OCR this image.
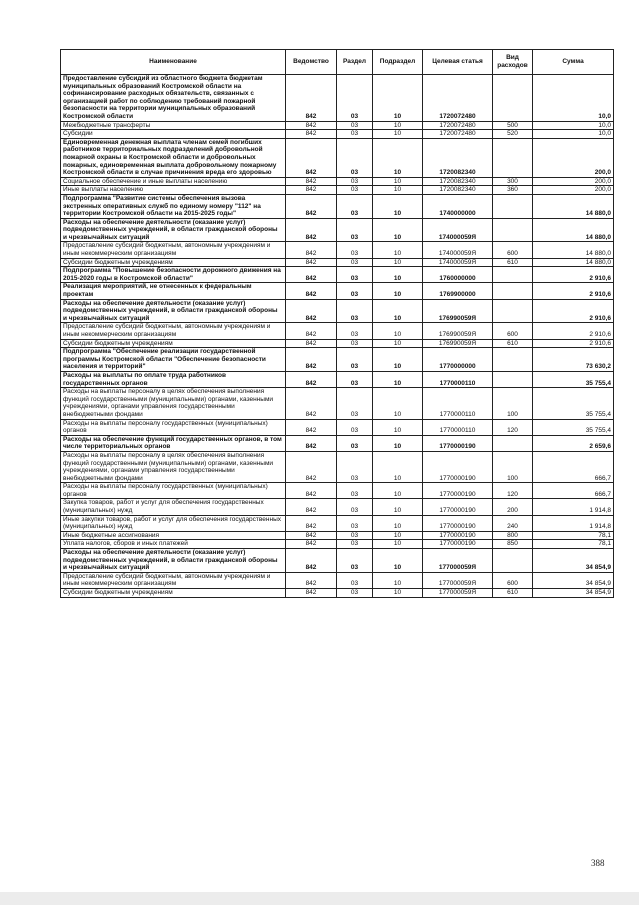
Наименование	Ведомство	Раздел	Подраздел	Целевая статья	Вид расходов	Сумма
Предоставление субсидий из областного бюджета бюджетам муниципальных образований Костромской области на софинансирование расходных обязательств, связанных с организацией работ по соблюдению требований пожарной безопасности на территории муниципальных образований Костромской области	842	03	10	1720072480		10,0
Межбюджетные трансферты	842	03	10	1720072480	500	10,0
Субсидии	842	03	10	1720072480	520	10,0
Единовременная денежная выплата членам семей погибших работников территориальных подразделений добровольной пожарной охраны в Костромской области и добровольных пожарных, единовременная выплата добровольному пожарному Костромской области в случае причинения вреда его здоровью	842	03	10	1720082340		200,0
Социальное обеспечение и иные выплаты населению	842	03	10	1720082340	300	200,0
Иные выплаты населению	842	03	10	1720082340	360	200,0
Подпрограмма "Развитие системы обеспечения вызова экстренных оперативных служб по единому номеру "112" на территории Костромской области на 2015-2025 годы"	842	03	10	1740000000		14 880,0
Расходы на обеспечение деятельности (оказание услуг) подведомственных учреждений, в области гражданской обороны и чрезвычайных ситуаций	842	03	10	174000059Я		14 880,0
Предоставление субсидий бюджетным, автономным учреждениям и иным некоммерческим организациям	842	03	10	174000059Я	600	14 880,0
Субсидии бюджетным учреждениям	842	03	10	174000059Я	610	14 880,0
Подпрограмма "Повышение безопасности дорожного движения на 2015-2020 годы в Костромской области"	842	03	10	1760000000		2 910,6
Реализация мероприятий, не отнесенных к федеральным проектам	842	03	10	1769900000		2 910,6
Расходы на обеспечение деятельности (оказание услуг) подведомственных учреждений, в области гражданской обороны и чрезвычайных ситуаций	842	03	10	176990059Я		2 910,6
Предоставление субсидий бюджетным, автономным учреждениям и иным некоммерческим организациям	842	03	10	176990059Я	600	2 910,6
Субсидии бюджетным учреждениям	842	03	10	176990059Я	610	2 910,6
Подпрограмма "Обеспечение реализации государственной программы Костромской области "Обеспечение безопасности населения и территорий"	842	03	10	1770000000		73 630,2
Расходы на выплаты по оплате труда работников государственных органов	842	03	10	1770000110		35 755,4
Расходы на выплаты персоналу в целях обеспечения выполнения функций государственными (муниципальными) органами, казенными учреждениями, органами управления государственными внебюджетными фондами	842	03	10	1770000110	100	35 755,4
Расходы на выплаты персоналу государственных (муниципальных) органов	842	03	10	1770000110	120	35 755,4
Расходы на обеспечение функций государственных органов, в том числе территориальных органов	842	03	10	1770000190		2 659,6
Расходы на выплаты персоналу в целях обеспечения выполнения функций государственными (муниципальными) органами, казенными учреждениями, органами управления государственными внебюджетными фондами	842	03	10	1770000190	100	666,7
Расходы на выплаты персоналу государственных (муниципальных) органов	842	03	10	1770000190	120	666,7
Закупка товаров, работ и услуг для обеспечения государственных (муниципальных) нужд	842	03	10	1770000190	200	1 914,8
Иные закупки товаров, работ и услуг для обеспечения государственных (муниципальных) нужд	842	03	10	1770000190	240	1 914,8
Иные бюджетные ассигнования	842	03	10	1770000190	800	78,1
Уплата налогов, сборов и иных платежей	842	03	10	1770000190	850	78,1
Расходы на обеспечение деятельности (оказание услуг) подведомственных учреждений, в области гражданской обороны и чрезвычайных ситуаций	842	03	10	177000059Я		34 854,9
Предоставление субсидий бюджетным, автономным учреждениям и иным некоммерческим организациям	842	03	10	177000059Я	600	34 854,9
Субсидии бюджетным учреждениям	842	03	10	177000059Я	610	34 854,9
388
